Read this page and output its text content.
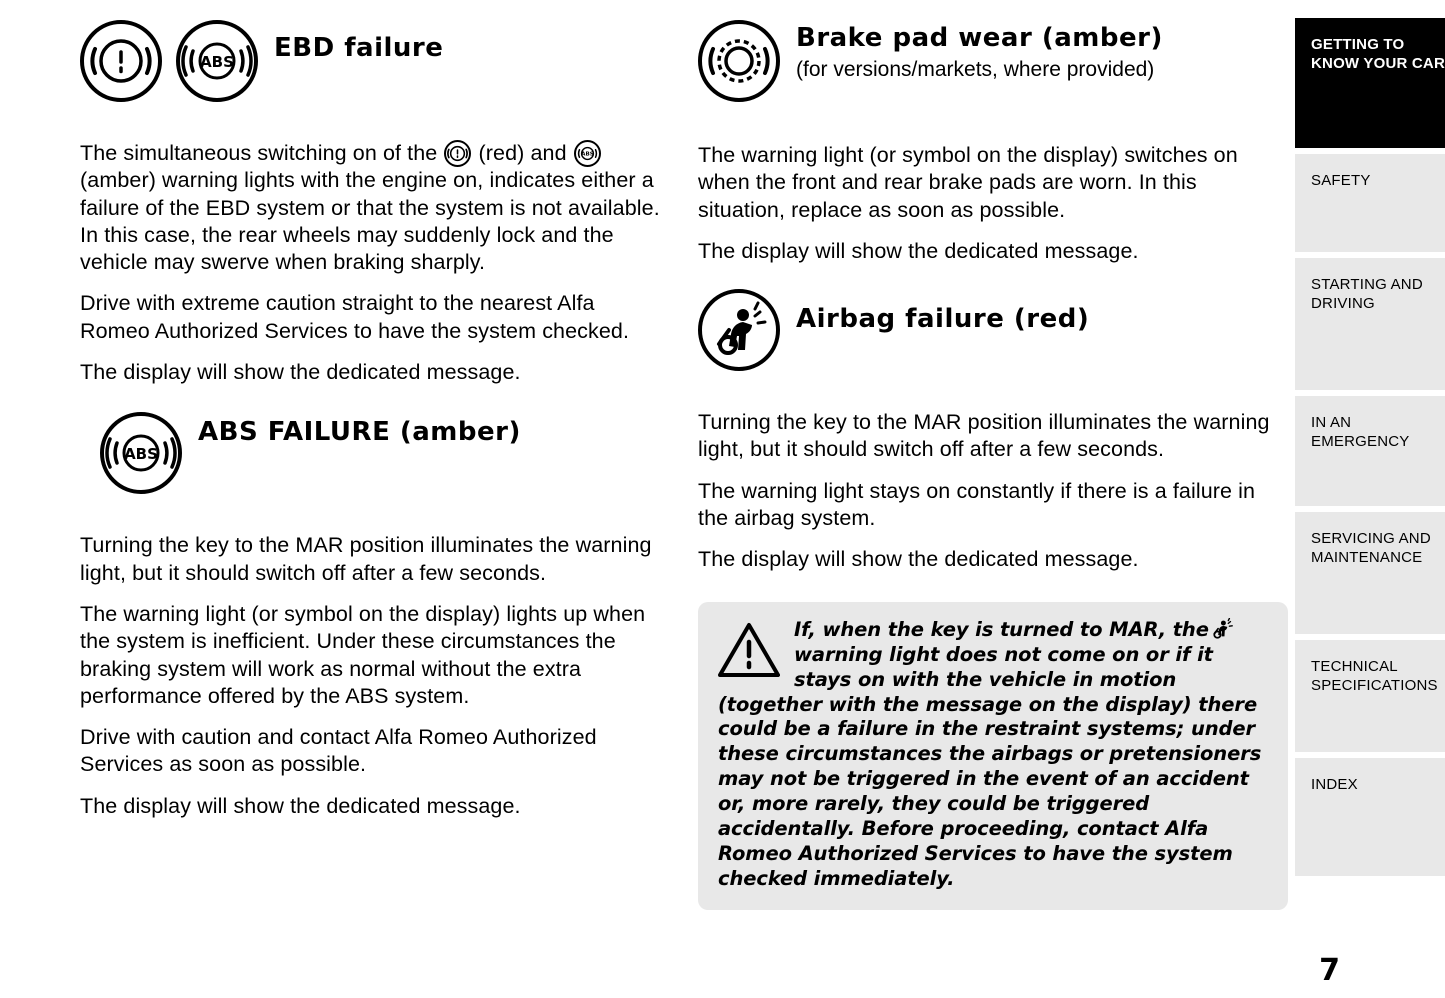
ABS EBD failure

The simultaneous switching on of the
(red) and ABS
(amber) warning lights with the engine on, indicates either a failure of the EBD system or that the system is not available. In this case, the rear wheels may suddenly lock and the vehicle may swerve when braking sharply.

Drive with extreme caution straight to the nearest Alfa Romeo Authorized Services to have the system checked.

The display will show the dedicated message.

ABS
ABS FAILURE (amber)

Turning the key to the MAR position illuminates the warning light, but it should switch off after a few seconds.

The warning light (or symbol on the display) lights up when the system is inefficient. Under these circumstances the braking system will work as normal without the extra performance offered by the ABS system.

Drive with caution and contact Alfa Romeo Authorized Services as soon as possible.

The display will show the dedicated message.

Brake pad wear (amber)
(for versions/markets, where provided)

The warning light (or symbol on the display) switches on when the front and rear brake pads are worn. In this situation, replace as soon as possible.

The display will show the dedicated message.

Airbag failure (red)

Turning the key to the MAR position illuminates the warning light, but it should switch off after a few seconds.

The warning light stays on constantly if there is a failure in the airbag system.

The display will show the dedicated message.

If, when the key is turned to MAR, the warning light does not come on or if it stays on with the vehicle in motion (together with the message on the display) there could be a failure in the restraint systems; under these circumstances the airbags or pretensioners may not be triggered in the event of an accident or, more rarely, they could be triggered accidentally. Before proceeding, contact Alfa Romeo Authorized Services to have the system checked immediately.

GETTING TO KNOW YOUR CAR
SAFETY
STARTING AND DRIVING
IN AN EMERGENCY
SERVICING AND MAINTENANCE
TECHNICAL SPECIFICATIONS
INDEX
7
